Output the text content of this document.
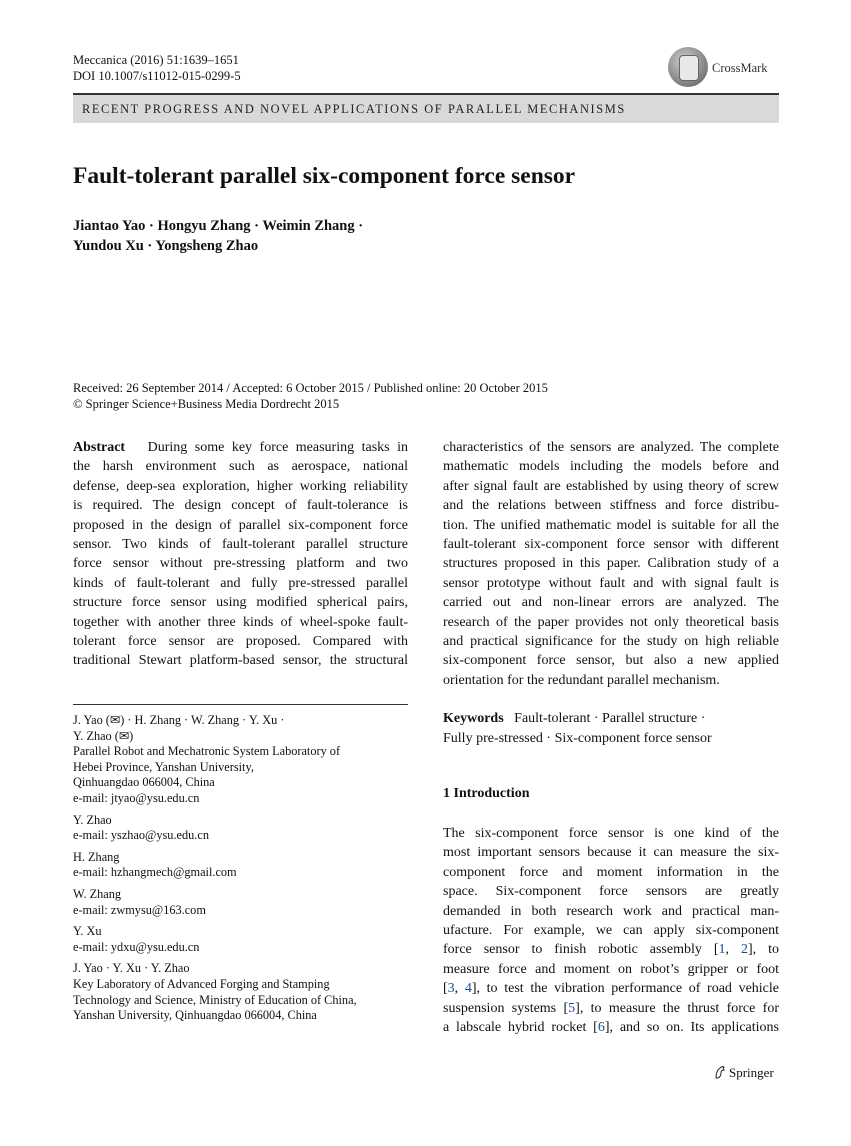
Meccanica (2016) 51:1639–1651
DOI 10.1007/s11012-015-0299-5
CrossMark
RECENT PROGRESS AND NOVEL APPLICATIONS OF PARALLEL MECHANISMS
Fault-tolerant parallel six-component force sensor
Jiantao Yao · Hongyu Zhang · Weimin Zhang ·
Yundou Xu · Yongsheng Zhao
Received: 26 September 2014 / Accepted: 6 October 2015 / Published online: 20 October 2015
© Springer Science+Business Media Dordrecht 2015
Abstract During some key force measuring tasks in
the harsh environment such as aerospace, national
defense, deep-sea exploration, higher working reliability
is required. The design concept of fault-tolerance is
proposed in the design of parallel six-component force
sensor. Two kinds of fault-tolerant parallel structure
force sensor without pre-stressing platform and two
kinds of fault-tolerant and fully pre-stressed parallel
structure force sensor using modified spherical pairs,
together with another three kinds of wheel-spoke fault-
tolerant force sensor are proposed. Compared with
traditional Stewart platform-based sensor, the structural
characteristics of the sensors are analyzed. The complete
mathematic models including the models before and
after signal fault are established by using theory of screw
and the relations between stiffness and force distribu-
tion. The unified mathematic model is suitable for all the
fault-tolerant six-component force sensor with different
structures proposed in this paper. Calibration study of a
sensor prototype without fault and with signal fault is
carried out and non-linear errors are analyzed. The
research of the paper provides not only theoretical basis
and practical significance for the study on high reliable
six-component force sensor, but also a new applied
orientation for the redundant parallel mechanism.
J. Yao (✉) · H. Zhang · W. Zhang · Y. Xu ·
Y. Zhao (✉)
Parallel Robot and Mechatronic System Laboratory of
Hebei Province, Yanshan University,
Qinhuangdao 066004, China
e-mail: jtyao@ysu.edu.cn
Y. Zhao
e-mail: yszhao@ysu.edu.cn
H. Zhang
e-mail: hzhangmech@gmail.com
W. Zhang
e-mail: zwmysu@163.com
Y. Xu
e-mail: ydxu@ysu.edu.cn
J. Yao · Y. Xu · Y. Zhao
Key Laboratory of Advanced Forging and Stamping
Technology and Science, Ministry of Education of China,
Yanshan University, Qinhuangdao 066004, China
Keywords Fault-tolerant · Parallel structure ·
Fully pre-stressed · Six-component force sensor
1 Introduction
The six-component force sensor is one kind of the
most important sensors because it can measure the six-
component force and moment information in the
space. Six-component force sensors are greatly
demanded in both research work and practical man-
ufacture. For example, we can apply six-component
force sensor to finish robotic assembly [1, 2], to
measure force and moment on robot’s gripper or foot
[3, 4], to test the vibration performance of road vehicle
suspension systems [5], to measure the thrust force for
a labscale hybrid rocket [6], and so on. Its applications
Springer
